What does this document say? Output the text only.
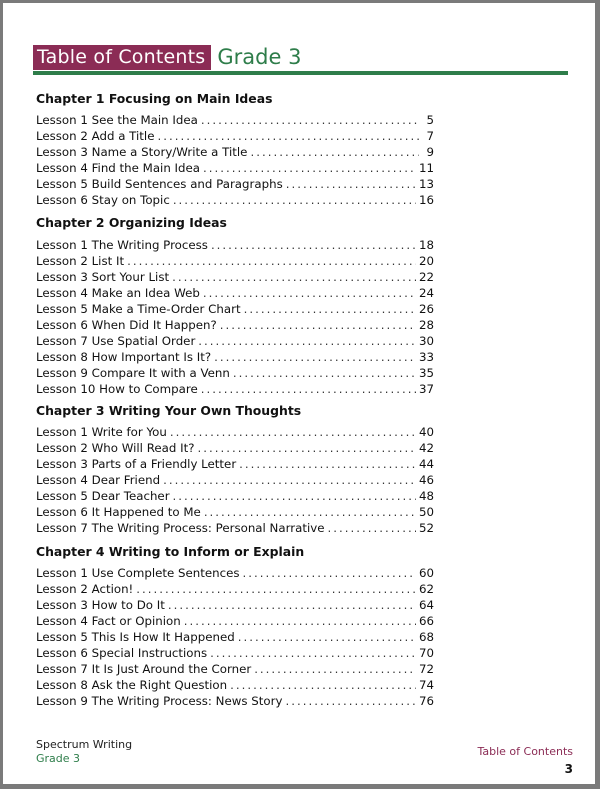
Table of Contents Grade 3
Chapter 1 Focusing on Main Ideas
Lesson 1 See the Main Idea .....	5
Lesson 2 Add a Title .....	7
Lesson 3 Name a Story/Write a Title .....	9
Lesson 4 Find the Main Idea .....	11
Lesson 5 Build Sentences and Paragraphs .....	13
Lesson 6 Stay on Topic .....	16
Chapter 2 Organizing Ideas
Lesson 1 The Writing Process .....	18
Lesson 2 List It .....	20
Lesson 3 Sort Your List .....	22
Lesson 4 Make an Idea Web .....	24
Lesson 5 Make a Time-Order Chart .....	26
Lesson 6 When Did It Happen? .....	28
Lesson 7 Use Spatial Order .....	30
Lesson 8 How Important Is It? .....	33
Lesson 9 Compare It with a Venn .....	35
Lesson 10 How to Compare .....	37
Chapter 3 Writing Your Own Thoughts
Lesson 1 Write for You .....	40
Lesson 2 Who Will Read It? .....	42
Lesson 3 Parts of a Friendly Letter .....	44
Lesson 4 Dear Friend .....	46
Lesson 5 Dear Teacher .....	48
Lesson 6 It Happened to Me .....	50
Lesson 7 The Writing Process: Personal Narrative .....	52
Chapter 4 Writing to Inform or Explain
Lesson 1 Use Complete Sentences .....	60
Lesson 2 Action! .....	62
Lesson 3 How to Do It .....	64
Lesson 4 Fact or Opinion .....	66
Lesson 5 This Is How It Happened .....	68
Lesson 6 Special Instructions .....	70
Lesson 7 It Is Just Around the Corner .....	72
Lesson 8 Ask the Right Question .....	74
Lesson 9 The Writing Process: News Story .....	76
Spectrum Writing
Grade 3
Table of Contents
3
